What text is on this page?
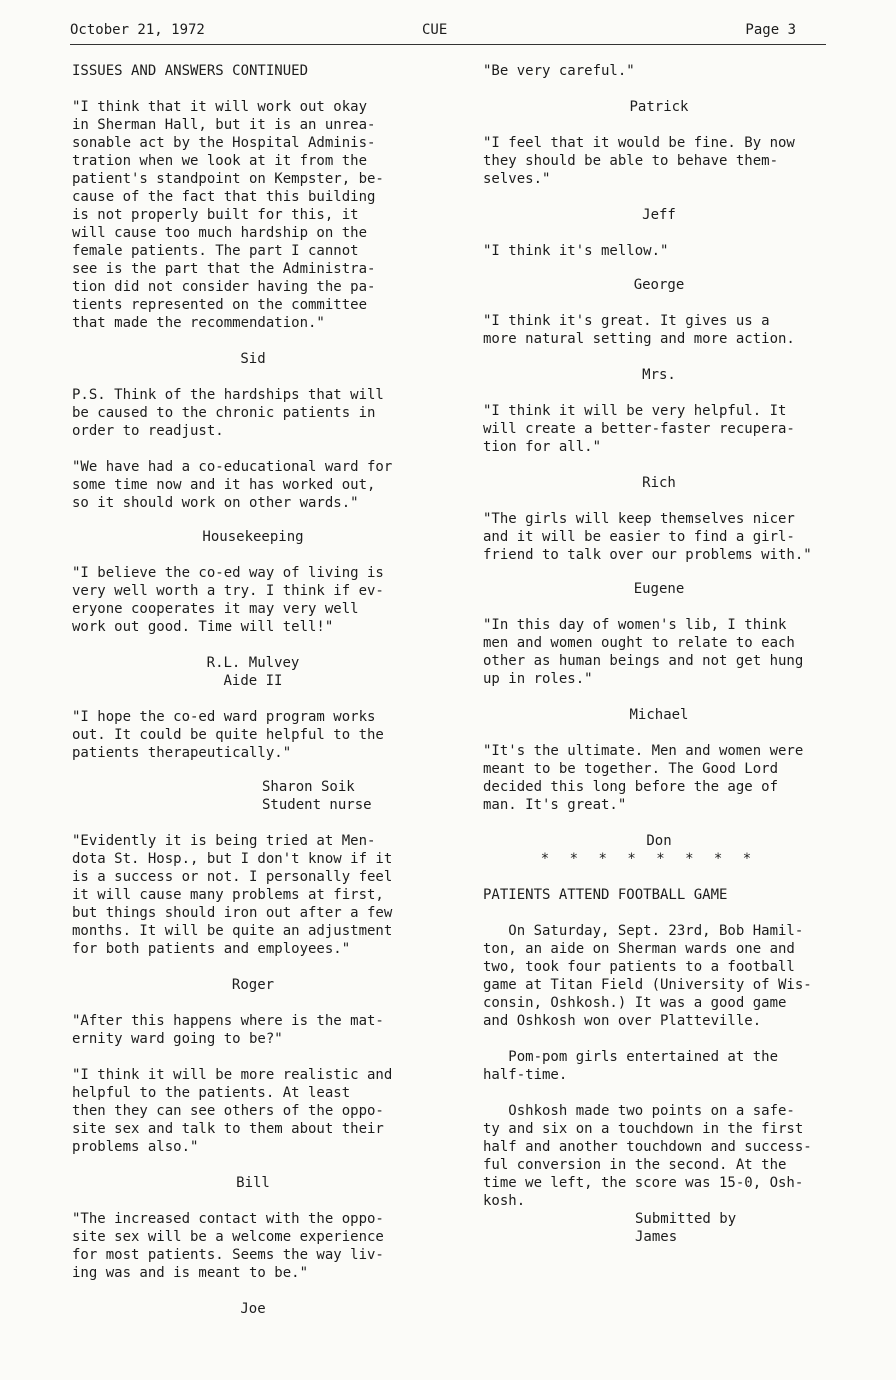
October 21, 1972	CUE	Page 3

ISSUES AND ANSWERS CONTINUED

"I think that it will work out okay
in Sherman Hall, but it is an unrea-
sonable act by the Hospital Adminis-
tration when we look at it from the
patient's standpoint on Kempster, be-
cause of the fact that this building
is not properly built for this, it
will cause too much hardship on the
female patients. The part I cannot
see is the part that the Administra-
tion did not consider having the pa-
tients represented on the committee
that made the recommendation."

Sid

P.S. Think of the hardships that will
be caused to the chronic patients in
order to readjust.

"We have had a co-educational ward for
some time now and it has worked out,
so it should work on other wards."

Housekeeping

"I believe the co-ed way of living is
very well worth a try. I think if ev-
eryone cooperates it may very well
work out good. Time will tell!"

R.L. Mulvey
Aide II

"I hope the co-ed ward program works
out. It could be quite helpful to the
patients therapeutically."

Sharon Soik
Student nurse

"Evidently it is being tried at Men-
dota St. Hosp., but I don't know if it
is a success or not. I personally feel
it will cause many problems at first,
but things should iron out after a few
months. It will be quite an adjustment
for both patients and employees."

Roger

"After this happens where is the mat-
ernity ward going to be?"

"I think it will be more realistic and
helpful to the patients. At least
then they can see others of the oppo-
site sex and talk to them about their
problems also."

Bill

"The increased contact with the oppo-
site sex will be a welcome experience
for most patients. Seems the way liv-
ing was and is meant to be."

Joe

"Be very careful."

Patrick

"I feel that it would be fine. By now
they should be able to behave them-
selves."

Jeff

"I think it's mellow."

George

"I think it's great. It gives us a
more natural setting and more action.

Mrs.

"I think it will be very helpful. It
will create a better-faster recupera-
tion for all."

Rich

"The girls will keep themselves nicer
and it will be easier to find a girl-
friend to talk over our problems with."

Eugene

"In this day of women's lib, I think
men and women ought to relate to each
other as human beings and not get hung
up in roles."

Michael

"It's the ultimate. Men and women were
meant to be together. The Good Lord
decided this long before the age of
man. It's great."

Don

* * * * * * * *

PATIENTS ATTEND FOOTBALL GAME

On Saturday, Sept. 23rd, Bob Hamil-
ton, an aide on Sherman wards one and
two, took four patients to a football
game at Titan Field (University of Wis-
consin, Oshkosh.) It was a good game
and Oshkosh won over Platteville.

Pom-pom girls entertained at the
half-time.

Oshkosh made two points on a safe-
ty and six on a touchdown in the first
half and another touchdown and success-
ful conversion in the second. At the
time we left, the score was 15-0, Osh-
kosh.

Submitted by
James
